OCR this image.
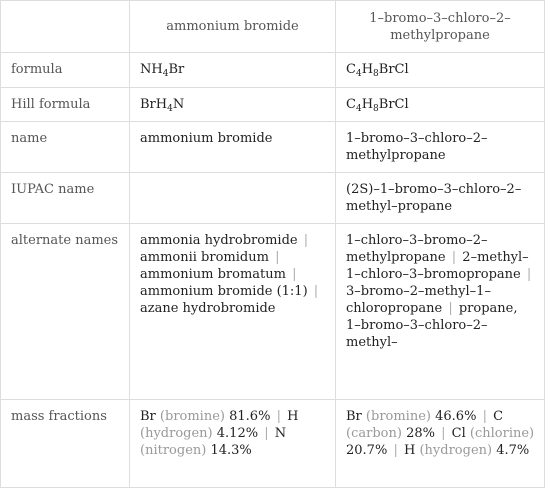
	ammonium bromide	1–bromo–3–chloro–2–methylpropane
formula	$NH_4Br$	$C_4H_8BrCl$
Hill formula	BrH$_4$N	$C_4H_8BrCl$
name	ammonium bromide	1–bromo–3–chloro–2–methylpropane
IUPAC name		(2S)–1–bromo–3–chloro–2–methyl–propane
alternate names	ammonia hydrobromide | ammonii bromidum | ammonium bromatum | ammonium bromide (1:1) | azane hydrobromide	1–chloro–3–bromo–2–methylpropane | 2–methyl–1–chloro–3–bromopropane | 3–bromo–2–methyl–1–chloropropane | propane, 1–bromo–3–chloro–2–methyl–
mass fractions	Br (bromine) 81.6% | H (hydrogen) 4.12% | N (nitrogen) 14.3%	Br (bromine) 46.6% | C (carbon) 28% | Cl (chlorine) 20.7% | H (hydrogen) 4.7%
